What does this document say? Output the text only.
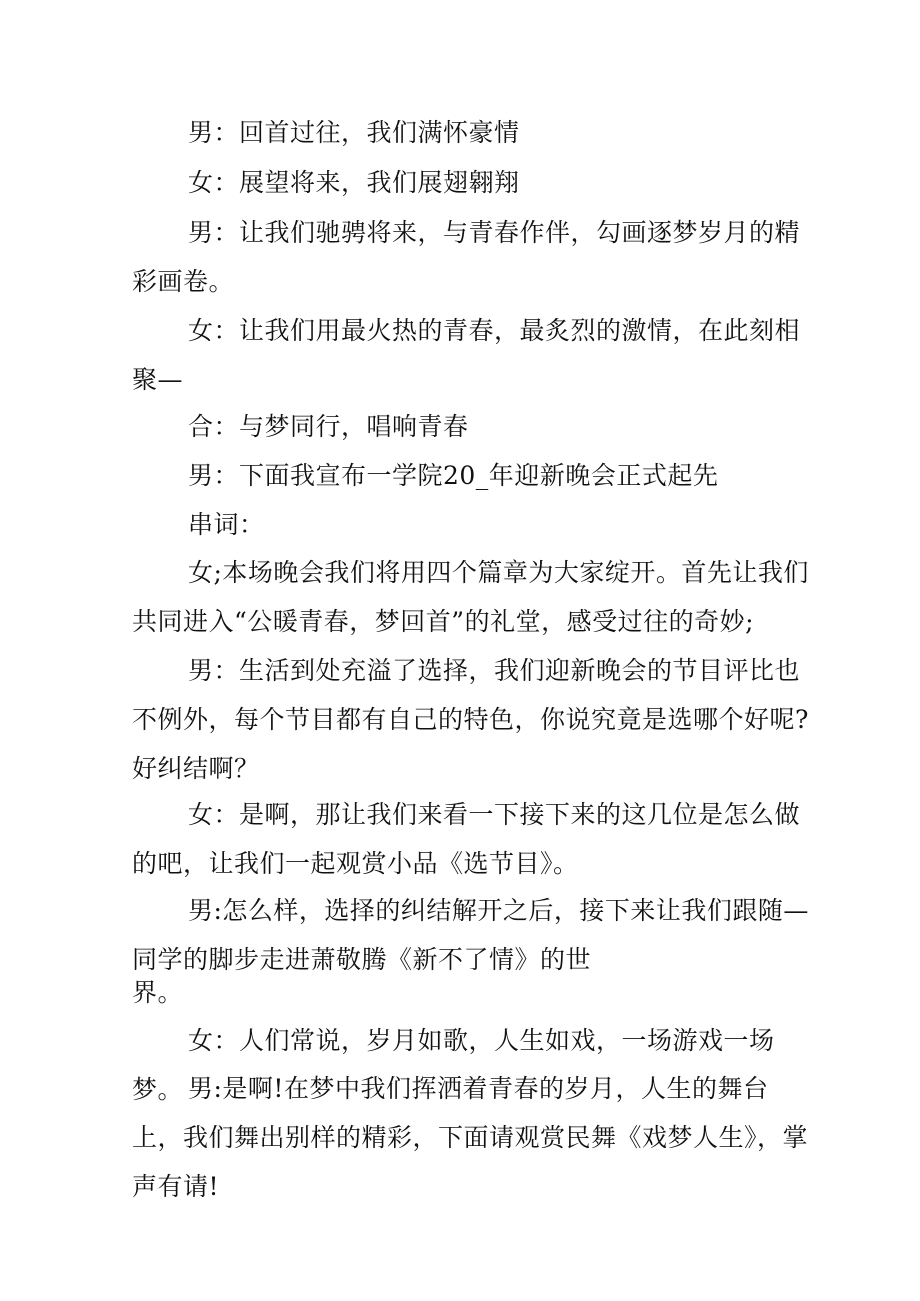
男：回首过往，我们满怀豪情

女：展望将来，我们展翅翱翔

男：让我们驰骋将来，与青春作伴，勾画逐梦岁月的精彩画卷。

女：让我们用最火热的青春，最炙烈的激情，在此刻相聚—

合：与梦同行，唱响青春

男：下面我宣布一学院20_年迎新晚会正式起先

串词：

女;本场晚会我们将用四个篇章为大家绽开。首先让我们共同进入“公暖青春，梦回首”的礼堂，感受过往的奇妙;

男：生活到处充溢了选择，我们迎新晚会的节目评比也不例外，每个节目都有自己的特色，你说究竟是选哪个好呢?好纠结啊？

女：是啊，那让我们来看一下接下来的这几位是怎么做的吧，让我们一起观赏小品《选节目》。

男:怎么样，选择的纠结解开之后，接下来让我们跟随—同学的脚步走进萧敬腾《新不了情》的世

界。

女：人们常说，岁月如歌，人生如戏，一场游戏一场梦。 男:是啊!在梦中我们挥洒着青春的岁月，人生的舞台上，我们舞出别样的精彩，下面请观赏民舞《戏梦人生》，掌声有请!
